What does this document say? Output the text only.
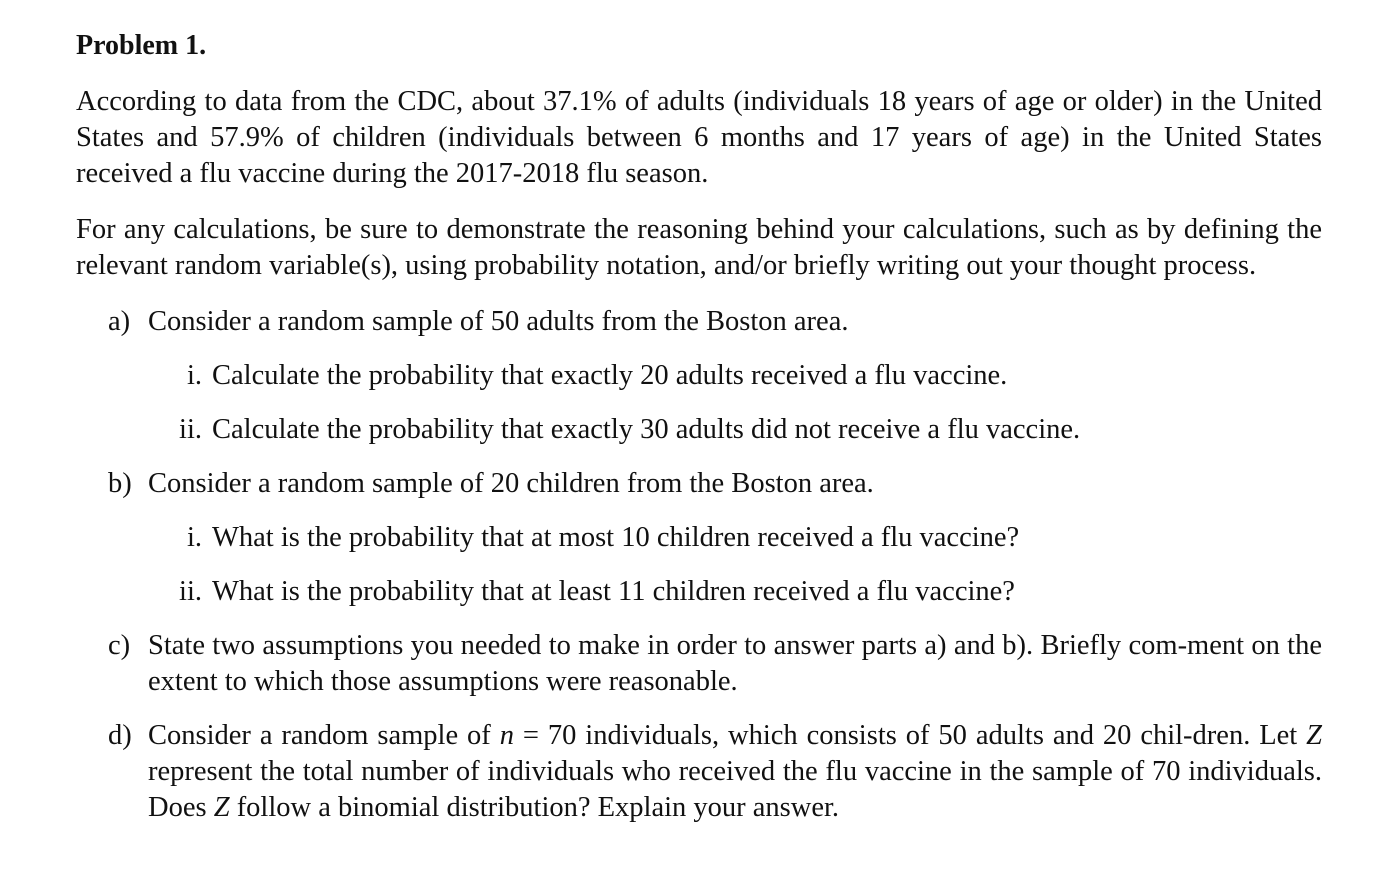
Problem 1.

According to data from the CDC, about 37.1% of adults (individuals 18 years of age or older) in the United States and 57.9% of children (individuals between 6 months and 17 years of age) in the United States received a flu vaccine during the 2017-2018 flu season.

For any calculations, be sure to demonstrate the reasoning behind your calculations, such as by defining the relevant random variable(s), using probability notation, and/or briefly writing out your thought process.

a) Consider a random sample of 50 adults from the Boston area.
i. Calculate the probability that exactly 20 adults received a flu vaccine.
ii. Calculate the probability that exactly 30 adults did not receive a flu vaccine.
b) Consider a random sample of 20 children from the Boston area.
i. What is the probability that at most 10 children received a flu vaccine?
ii. What is the probability that at least 11 children received a flu vaccine?
c) State two assumptions you needed to make in order to answer parts a) and b). Briefly com-ment on the extent to which those assumptions were reasonable.
d) Consider a random sample of n = 70 individuals, which consists of 50 adults and 20 chil-dren. Let Z represent the total number of individuals who received the flu vaccine in the sample of 70 individuals. Does Z follow a binomial distribution? Explain your answer.
